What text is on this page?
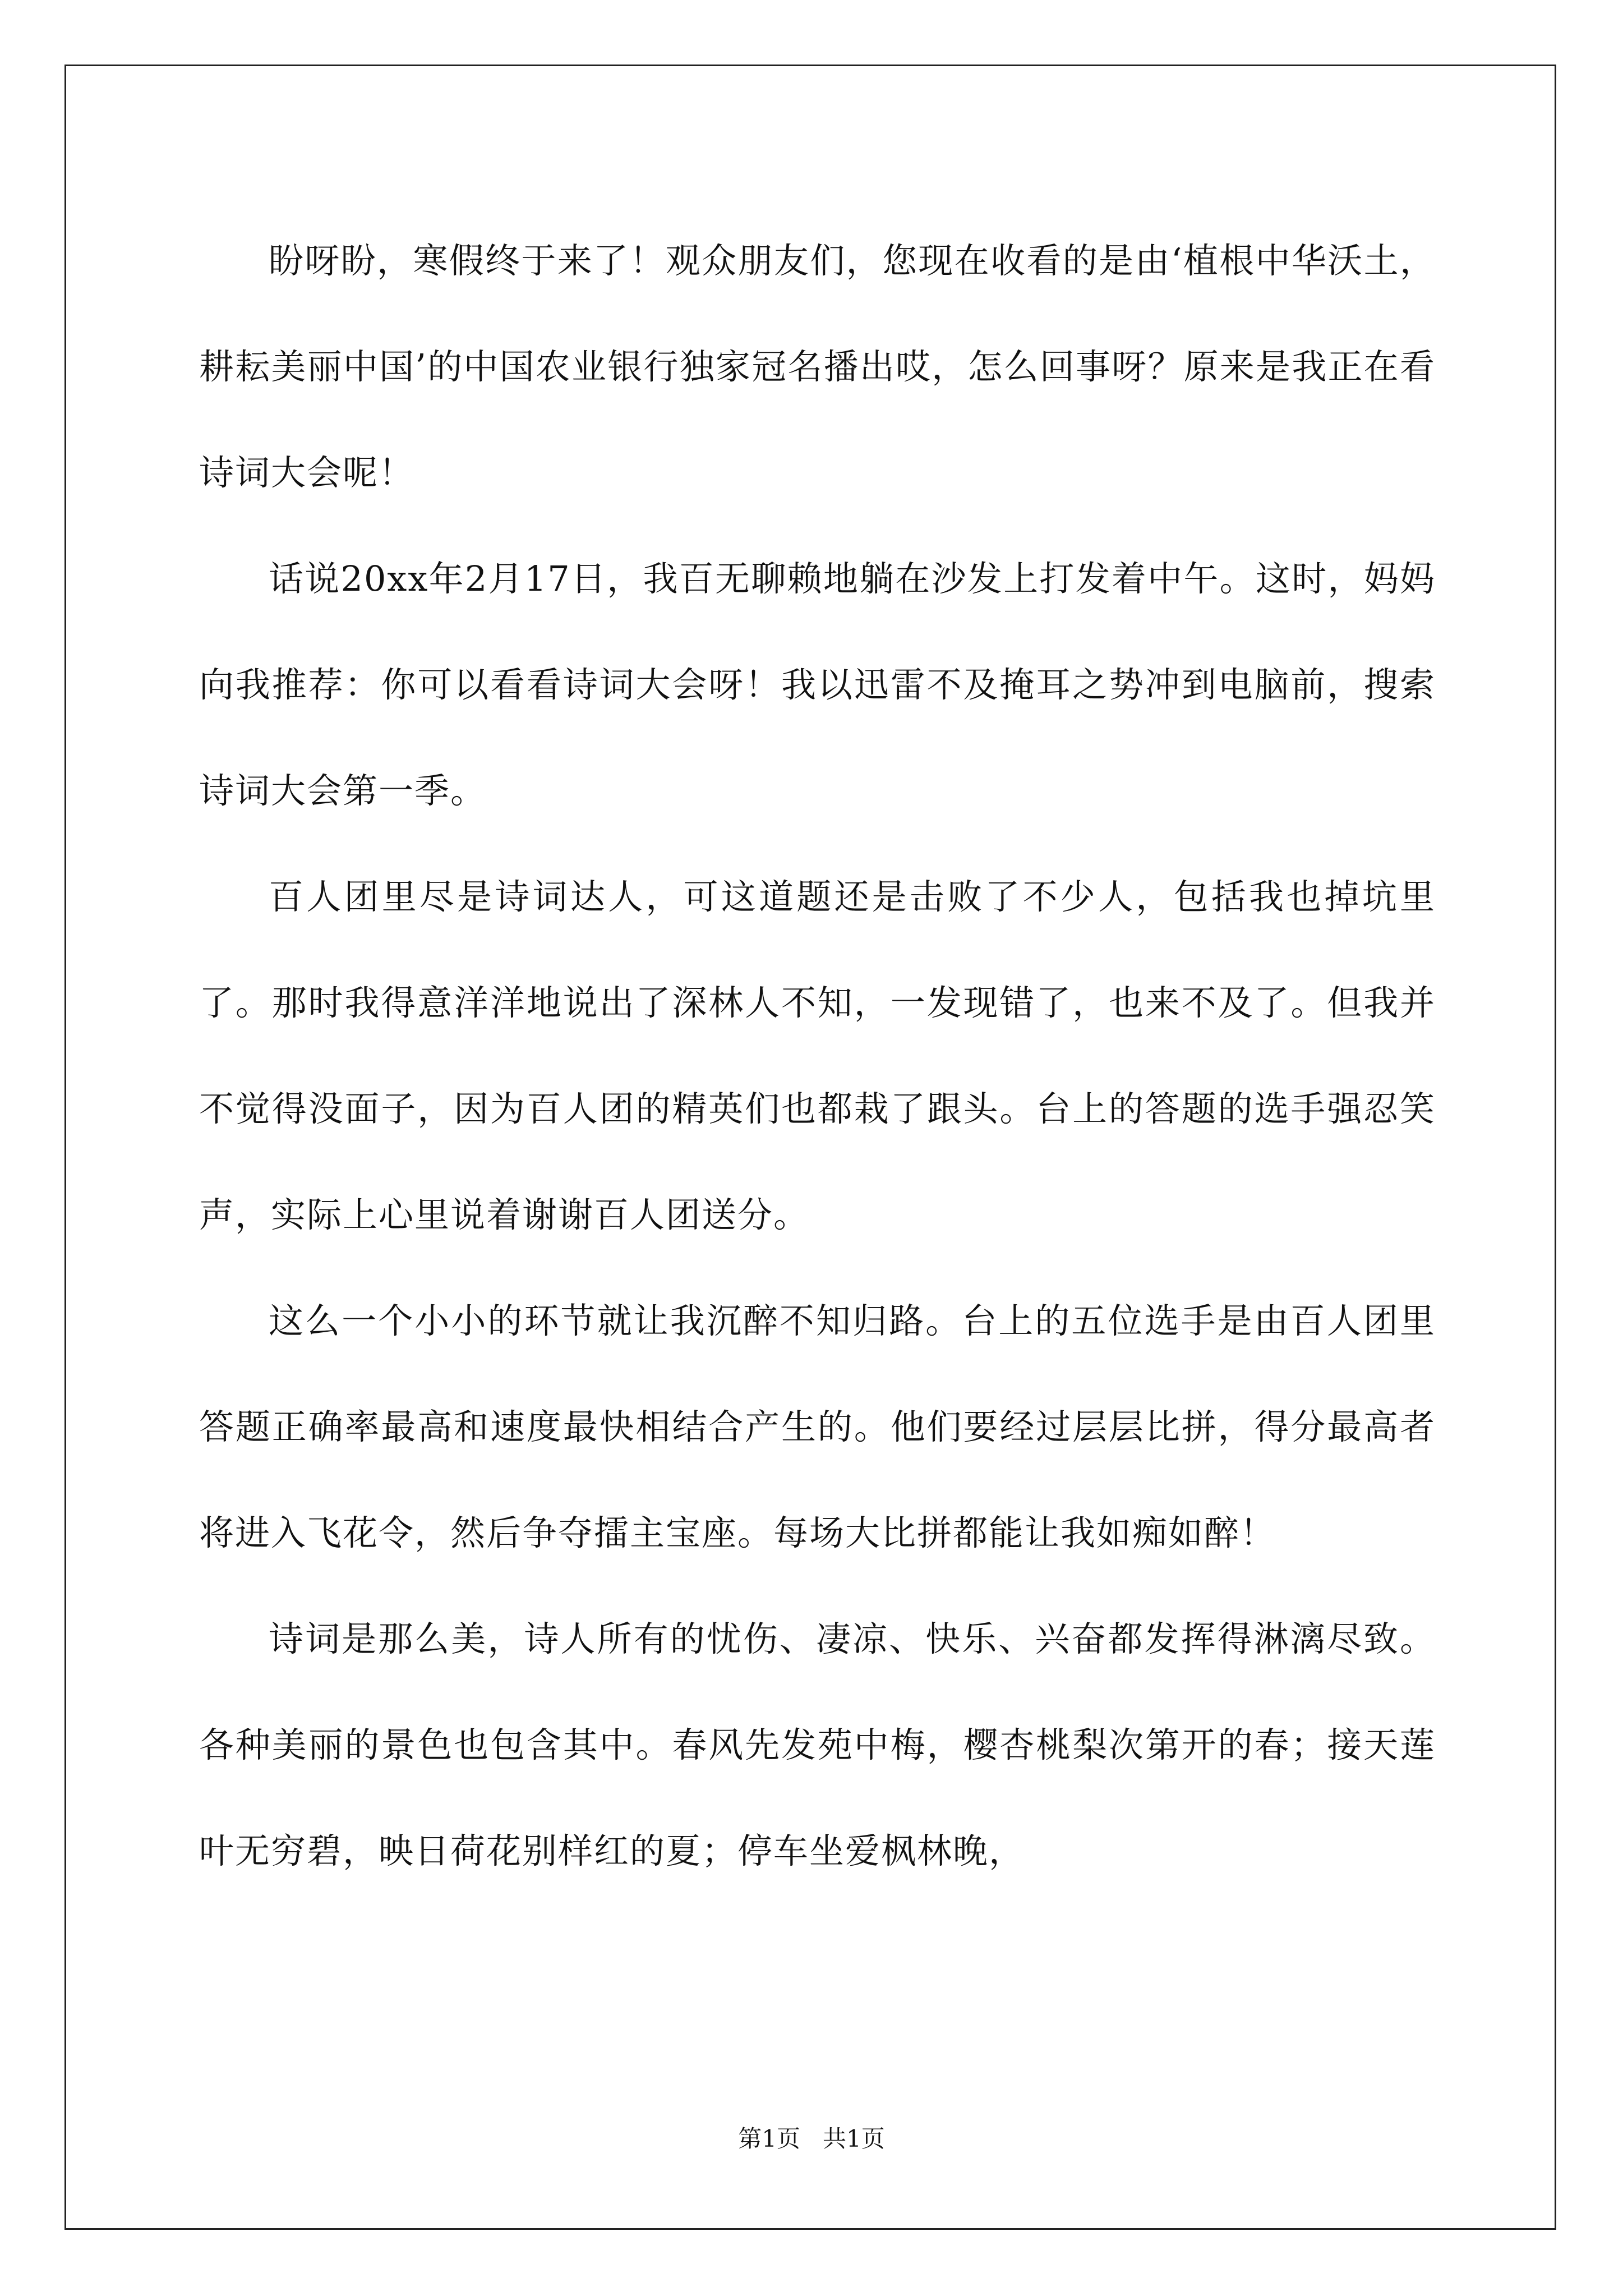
盼呀盼，寒假终于来了！观众朋友们，您现在收看的是由‘植根中华沃土，耕耘美丽中国’的中国农业银行独家冠名播出哎，怎么回事呀？原来是我正在看诗词大会呢！

话说20xx年2月17日，我百无聊赖地躺在沙发上打发着中午。这时，妈妈向我推荐：你可以看看诗词大会呀！我以迅雷不及掩耳之势冲到电脑前，搜索诗词大会第一季。

百人团里尽是诗词达人，可这道题还是击败了不少人，包括我也掉坑里了。那时我得意洋洋地说出了深林人不知，一发现错了，也来不及了。但我并不觉得没面子，因为百人团的精英们也都栽了跟头。台上的答题的选手强忍笑声，实际上心里说着谢谢百人团送分。

这么一个小小的环节就让我沉醉不知归路。台上的五位选手是由百人团里答题正确率最高和速度最快相结合产生的。他们要经过层层比拼，得分最高者将进入飞花令，然后争夺擂主宝座。每场大比拼都能让我如痴如醉！

诗词是那么美，诗人所有的忧伤、凄凉、快乐、兴奋都发挥得淋漓尽致。各种美丽的景色也包含其中。春风先发苑中梅，樱杏桃梨次第开的春；接天莲叶无穷碧，映日荷花别样红的夏；停车坐爱枫林晚，

第1页 共1页
